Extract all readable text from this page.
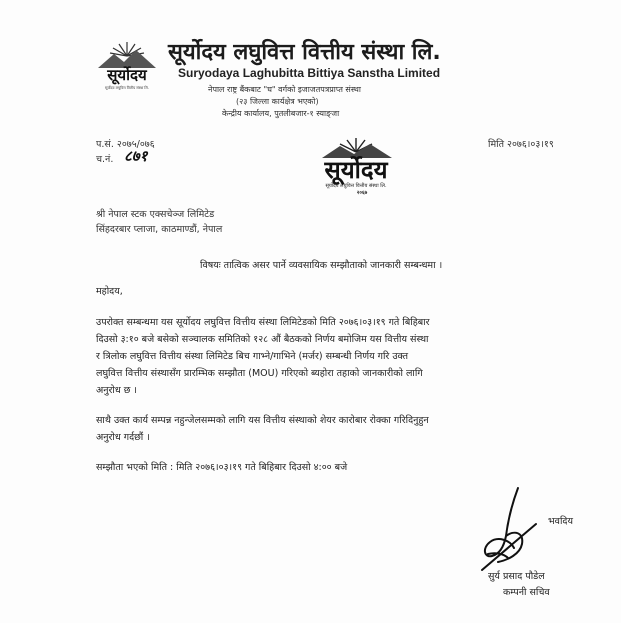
सूर्योदय
सूर्योदय लघुवित्त वित्तीय संस्था लि.
सूर्योदय लघुवित्त वित्तीय संस्था लि.
Suryodaya Laghubitta Bittiya Sanstha Limited
नेपाल राष्ट्र बैंकबाट "घ" वर्गको इजाजतपत्रप्राप्त संस्था
(२३ जिल्ला कार्यक्षेत्र भएको)
केन्द्रीय कार्यालय, पुतलीबजार-१ स्याङ्जा
प.सं. २०७५/०७६
च.नं. ८७१
मिति २०७६।०३।१९
सूर्योदय
सूर्योदय लघुवित्त वित्तीय संस्था लि.
२०६७
श्री नेपाल स्टक एक्सचेञ्ज लिमिटेड
सिंहदरबार प्लाजा, काठमाण्डौं, नेपाल
विषयः तात्विक असर पार्ने व्यवसायिक सम्झौताको जानकारी सम्बन्धमा ।
महोदय,
उपरोक्त सम्बन्धमा यस सूर्योदय लघुवित्त वित्तीय संस्था लिमिटेडको मिति २०७६।०३।१९ गते बिहिबार
दिउसो ३:१० बजे बसेको सञ्चालक समितिको १२८ औं बैठकको निर्णय बमोजिम यस वित्तीय संस्था
र त्रिलोक लघुवित्त वित्तीय संस्था लिमिटेड बिच गाभ्ने/गाभिने (मर्जर) सम्बन्धी निर्णय गरि उक्त
लघुवित्त वित्तीय संस्थासँग प्रारम्भिक सम्झौता (MOU) गरिएको ब्यहोरा तहाको जानकारीको लागि
अनुरोध छ ।
साथै उक्त कार्य सम्पन्न नहुन्जेलसम्मको लागि यस वित्तीय संस्थाको शेयर कारोबार रोक्का गरिदिनुहुन
अनुरोध गर्दछौं ।
सम्झौता भएको मिति : मिति २०७६।०३।१९ गते बिहिबार दिउसो ४:०० बजे
भवदिय
सुर्य प्रसाद पौडेल
कम्पनी सचिव
